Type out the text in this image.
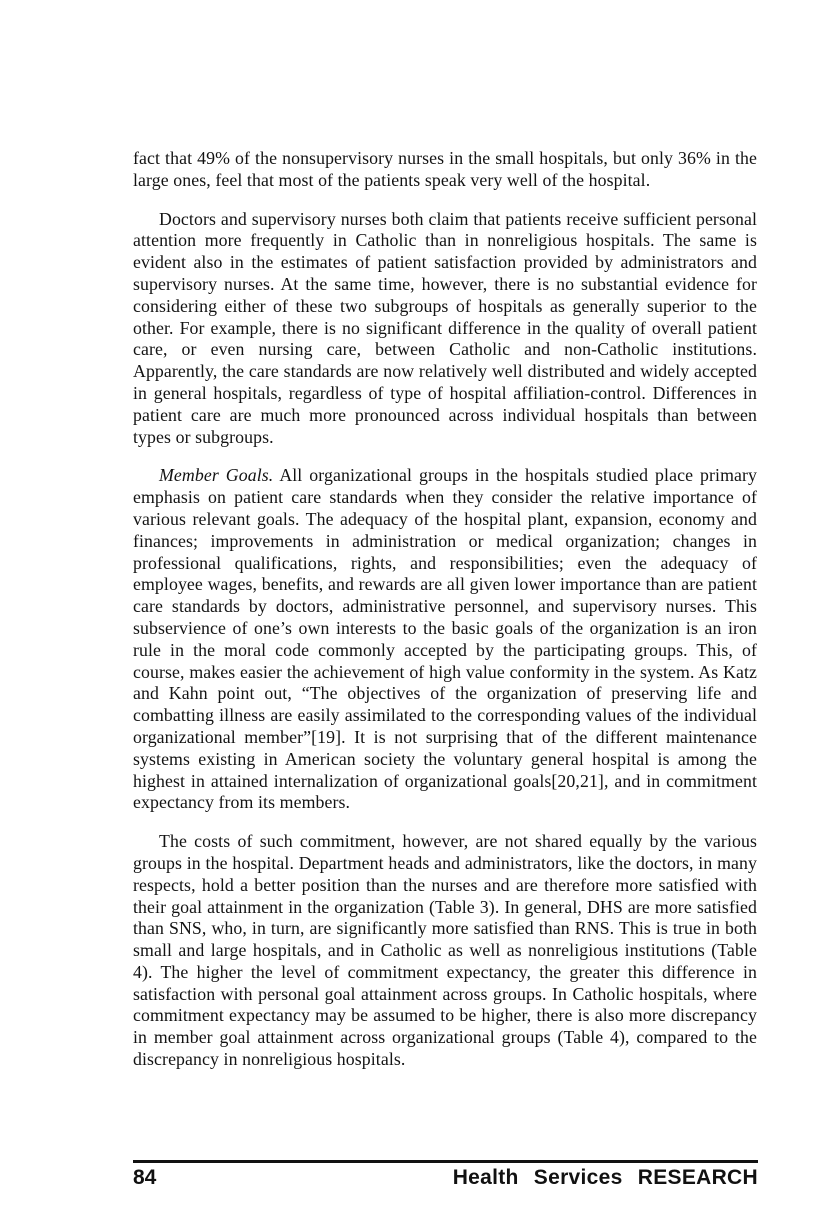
fact that 49% of the nonsupervisory nurses in the small hospitals, but only 36% in the large ones, feel that most of the patients speak very well of the hospital.

Doctors and supervisory nurses both claim that patients receive sufficient personal attention more frequently in Catholic than in nonreligious hospitals. The same is evident also in the estimates of patient satisfaction provided by administrators and supervisory nurses. At the same time, however, there is no substantial evidence for considering either of these two subgroups of hospitals as generally superior to the other. For example, there is no significant difference in the quality of overall patient care, or even nursing care, between Catholic and non-Catholic institutions. Apparently, the care standards are now relatively well distributed and widely accepted in general hospitals, regardless of type of hospital affiliation-control. Differences in patient care are much more pronounced across individual hospitals than between types or subgroups.

Member Goals. All organizational groups in the hospitals studied place primary emphasis on patient care standards when they consider the relative importance of various relevant goals. The adequacy of the hospital plant, expansion, economy and finances; improvements in administration or medical organization; changes in professional qualifications, rights, and responsibilities; even the adequacy of employee wages, benefits, and rewards are all given lower importance than are patient care standards by doctors, administrative personnel, and supervisory nurses. This subservience of one’s own interests to the basic goals of the organization is an iron rule in the moral code commonly accepted by the participating groups. This, of course, makes easier the achievement of high value conformity in the system. As Katz and Kahn point out, “The objectives of the organization of preserving life and combatting illness are easily assimilated to the corresponding values of the individual organizational member”[19]. It is not surprising that of the different maintenance systems existing in American society the voluntary general hospital is among the highest in attained internalization of organizational goals[20,21], and in commitment expectancy from its members.

The costs of such commitment, however, are not shared equally by the various groups in the hospital. Department heads and administrators, like the doctors, in many respects, hold a better position than the nurses and are therefore more satisfied with their goal attainment in the organization (Table 3). In general, DHS are more satisfied than SNS, who, in turn, are significantly more satisfied than RNS. This is true in both small and large hospitals, and in Catholic as well as nonreligious institutions (Table 4). The higher the level of commitment expectancy, the greater this difference in satisfaction with personal goal attainment across groups. In Catholic hospitals, where commitment expectancy may be assumed to be higher, there is also more discrepancy in member goal attainment across organizational groups (Table 4), compared to the discrepancy in nonreligious hospitals.

84	Health Services RESEARCH
